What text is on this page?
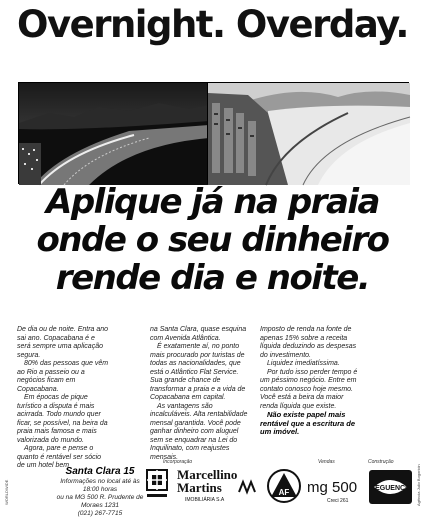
Overnight. Overday.
Aplique já na praia
onde o seu dinheiro
rende dia e noite.

De dia ou de noite. Entra ano sai ano. Copacabana é e será sempre uma aplicação segura.

80% das pessoas que vêm ao Rio a passeio ou a negócios ficam em Copacabana.

Em épocas de pique turístico a disputa é mais acirrada. Todo mundo quer ficar, se possível, na beira da praia mais famosa e mais valorizada do mundo.

Agora, pare e pense o quanto é rentável ser sócio de um hotel bem

na Santa Clara, quase esquina com Avenida Atlântica.

É exatamente aí, no ponto mais procurado por turistas de todas as nacionalidades, que está o Atlântico Flat Service. Sua grande chance de transformar a praia e a vida de Copacabana em capital.

As vantagens são incalculáveis. Alta rentabilidade mensal garantida. Você pode ganhar dinheiro com aluguel sem se enquadrar na Lei do Inquilinato, com reajustes mensais.

Imposto de renda na fonte de apenas 15% sobre a receita líquida deduzindo as despesas do investimento.

Liquidez imediatíssima.

Por tudo isso perder tempo é um péssimo negócio. Entre em contato conosco hoje mesmo. Você está a beira da maior renda líquida que existe.

Não existe papel mais rentável que a escritura de um imóvel.

Santa Clara 15
Informações no local até às 18:00 horas
ou na MG 500 R. Prudente de Moraes 1231
(021) 267-7715
Incorporação	Vendas	Construção
Marcellino
Martins
IMOBILIÁRIA S.A
AF mg 500
Creci 261
SEGUENCO
WORLDWIDE	Agência Julio Bogoricin
